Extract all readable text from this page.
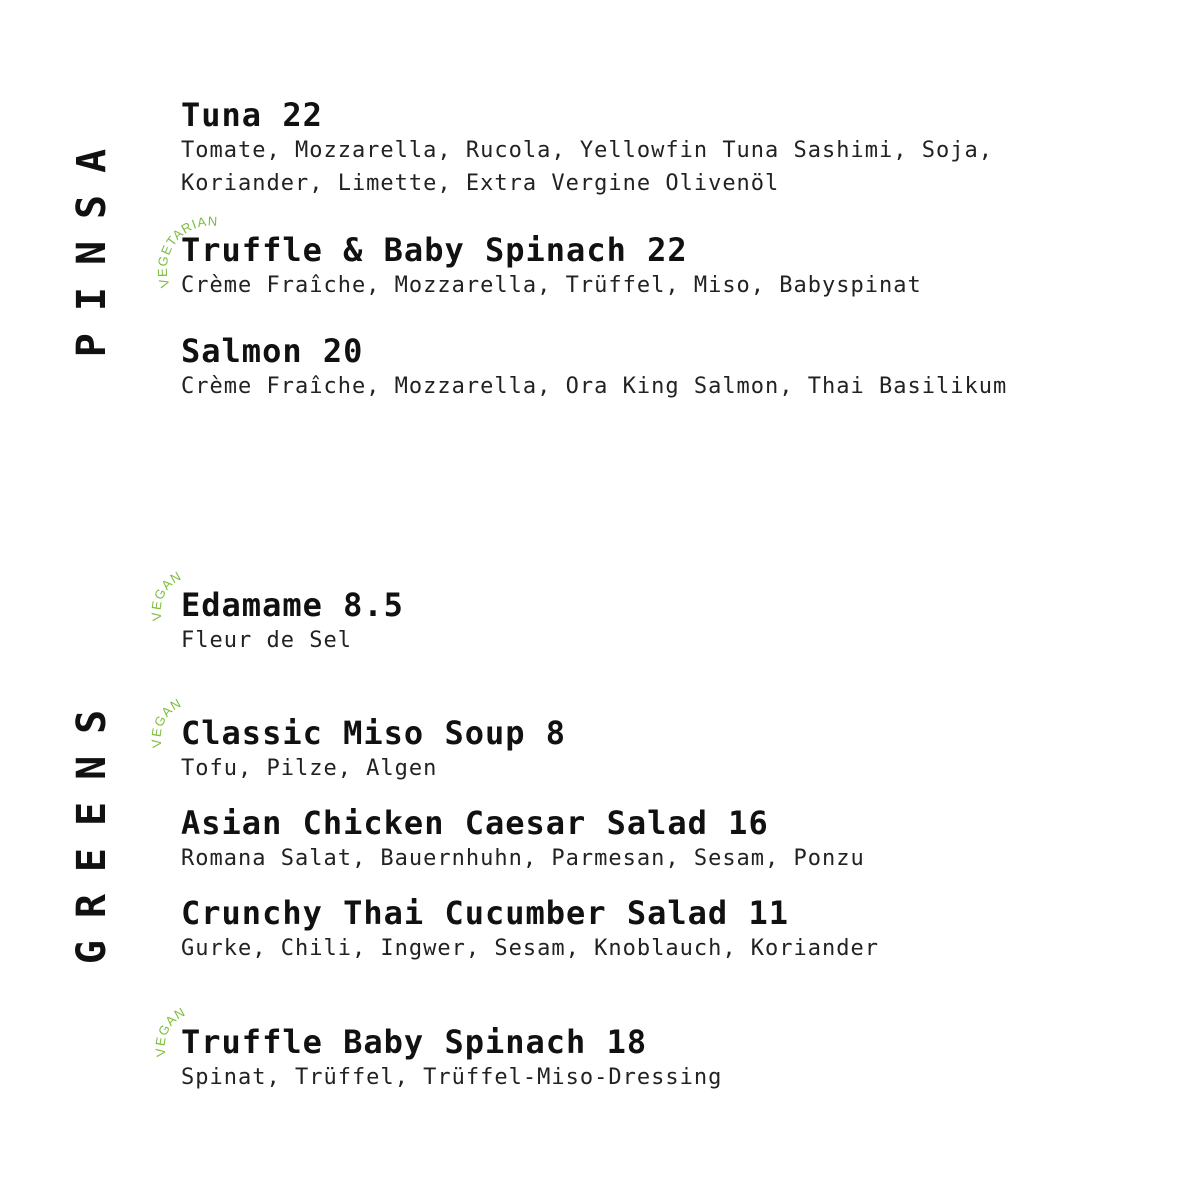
PINSA
GREENS
Tuna 22
Tomate, Mozzarella, Rucola, Yellowfin Tuna Sashimi, Soja,
Koriander, Limette, Extra Vergine Olivenöl
VEGETARIAN
Truffle & Baby Spinach 22
Crème Fraîche, Mozzarella, Trüffel, Miso, Babyspinat
Salmon 20
Crème Fraîche, Mozzarella, Ora King Salmon, Thai Basilikum
VEGAN
Edamame 8.5
Fleur de Sel
VEGAN
Classic Miso Soup 8
Tofu, Pilze, Algen
Asian Chicken Caesar Salad 16
Romana Salat, Bauernhuhn, Parmesan, Sesam, Ponzu
Crunchy Thai Cucumber Salad 11
Gurke, Chili, Ingwer, Sesam, Knoblauch, Koriander
VEGAN
Truffle Baby Spinach 18
Spinat, Trüffel, Trüffel-Miso-Dressing
